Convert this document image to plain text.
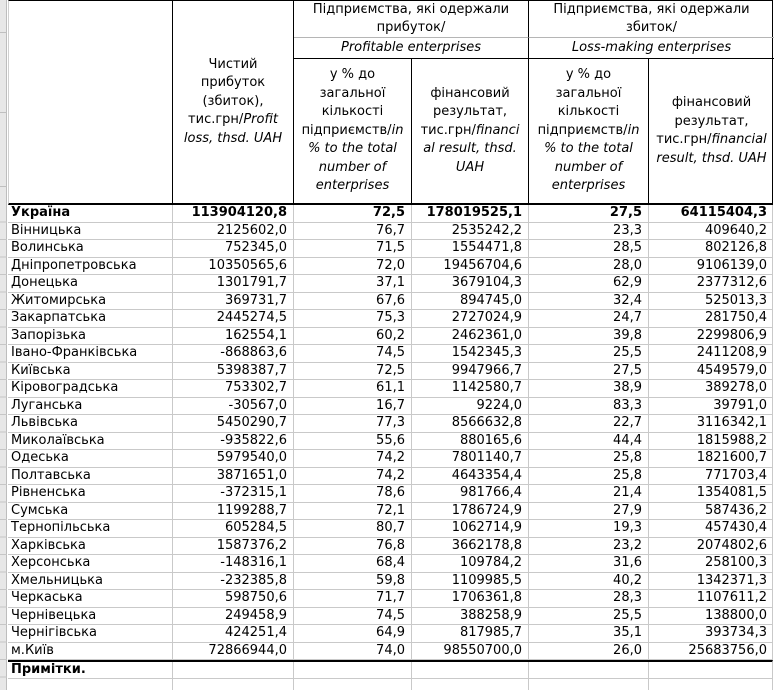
Чистий прибуток (збиток), тис.грн/Profit loss, thsd. UAH
Підприємства, які одержали прибуток/
Profitable enterprises
Підприємства, які одержали збиток/
Loss-making enterprises
у % до загальної кількості підприємств/in % to the total number of enterprises
фінансовий результат, тис.грн/financial result, thsd. UAH
у % до загальної кількості підприємств/in % to the total number of enterprises
фінансовий результат, тис.грн/financial result, thsd. UAH
Україна	113904120,8	72,5	178019525,1	27,5	64115404,3
Вінницька	2125602,0	76,7	2535242,2	23,3	409640,2
Волинська	752345,0	71,5	1554471,8	28,5	802126,8
Дніпропетровська	10350565,6	72,0	19456704,6	28,0	9106139,0
Донецька	1301791,7	37,1	3679104,3	62,9	2377312,6
Житомирська	369731,7	67,6	894745,0	32,4	525013,3
Закарпатська	2445274,5	75,3	2727024,9	24,7	281750,4
Запорізька	162554,1	60,2	2462361,0	39,8	2299806,9
Івано-Франківська	-868863,6	74,5	1542345,3	25,5	2411208,9
Київська	5398387,7	72,5	9947966,7	27,5	4549579,0
Кіровоградська	753302,7	61,1	1142580,7	38,9	389278,0
Луганська	-30567,0	16,7	9224,0	83,3	39791,0
Львівська	5450290,7	77,3	8566632,8	22,7	3116342,1
Миколаївська	-935822,6	55,6	880165,6	44,4	1815988,2
Одеська	5979540,0	74,2	7801140,7	25,8	1821600,7
Полтавська	3871651,0	74,2	4643354,4	25,8	771703,4
Рівненська	-372315,1	78,6	981766,4	21,4	1354081,5
Сумська	1199288,7	72,1	1786724,9	27,9	587436,2
Тернопільська	605284,5	80,7	1062714,9	19,3	457430,4
Харківська	1587376,2	76,8	3662178,8	23,2	2074802,6
Херсонська	-148316,1	68,4	109784,2	31,6	258100,3
Хмельницька	-232385,8	59,8	1109985,5	40,2	1342371,3
Черкаська	598750,6	71,7	1706361,8	28,3	1107611,2
Чернівецька	249458,9	74,5	388258,9	25,5	138800,0
Чернігівська	424251,4	64,9	817985,7	35,1	393734,3
м.Київ	72866944,0	74,0	98550700,0	26,0	25683756,0
Примітки.
